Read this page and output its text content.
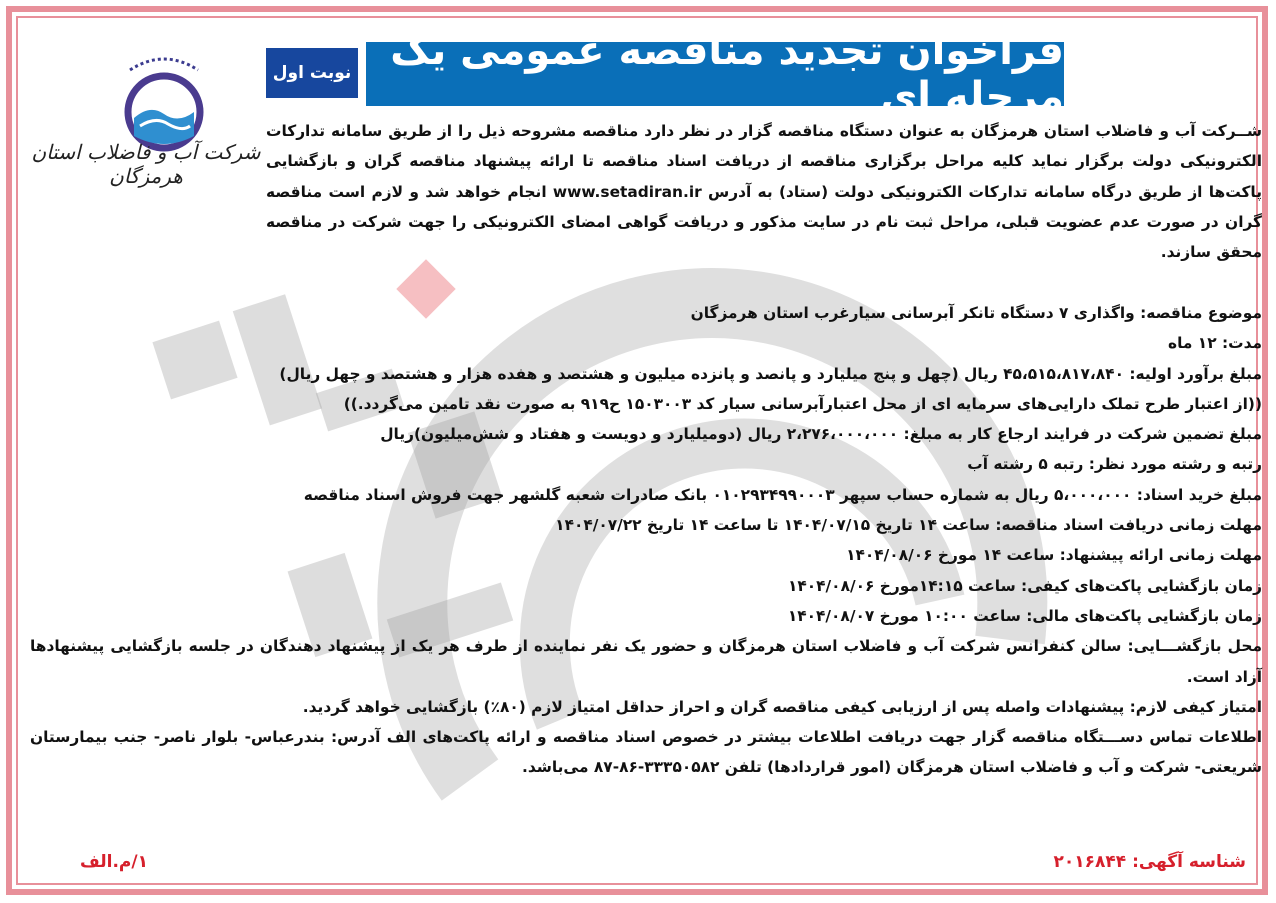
شرکت آب و فاضلاب استان هرمزگان
نوبت اول فراخوان تجدید مناقصه عمومی یک مرحله ای

شــرکت آب و فاضلاب استان هرمزگان به عنوان دستگاه مناقصه گزار در نظر دارد مناقصه مشروحه ذیل را از طریق سامانه تدارکات الکترونیکی دولت برگزار نماید کلیه مراحل برگزاری مناقصه از دریافت اسناد مناقصه تا ارائه پیشنهاد مناقصه گران و بازگشایی پاکت‌ها از طریق درگاه سامانه تدارکات الکترونیکی دولت (ستاد) به آدرس www.setadiran.ir انجام خواهد شد و لازم است مناقصه گران در صورت عدم عضویت قبلی، مراحل ثبت نام در سایت مذکور و دریافت گواهی امضای الکترونیکی را جهت شرکت در مناقصه محقق سازند.

موضوع مناقصه: واگذاری ۷ دستگاه تانکر آبرسانی سیارغرب استان هرمزگان

مدت: ۱۲ ماه

مبلغ برآورد اولیه: ۴۵،۵۱۵،۸۱۷،۸۴۰ ریال (چهل و پنج میلیارد و پانصد و پانزده میلیون و هشتصد و هفده هزار و هشتصد و چهل ریال)

((از اعتبار طرح تملک دارایی‌های سرمایه ای از محل اعتبارآبرسانی سیار کد ۱۵۰۳۰۰۳ ح۹۱۹ به صورت نقد تامین می‌گردد.))

مبلغ تضمین شرکت در فرایند ارجاع کار به مبلغ: ۲،۲۷۶،۰۰۰،۰۰۰ ریال (دومیلیارد و دویست و هفتاد و شش‌میلیون)ریال

رتبه و رشته مورد نظر: رتبه ۵ رشته آب

مبلغ خرید اسناد: ۵،۰۰۰،۰۰۰ ریال به شماره حساب سپهر ۰۱۰۲۹۳۴۹۹۰۰۰۳ بانک صادرات شعبه گلشهر جهت فروش اسناد مناقصه

مهلت زمانی دریافت اسناد مناقصه: ساعت ۱۴ تاریخ ۱۴۰۴/۰۷/۱۵ تا ساعت ۱۴ تاریخ ۱۴۰۴/۰۷/۲۲

مهلت زمانی ارائه پیشنهاد: ساعت ۱۴ مورخ ۱۴۰۴/۰۸/۰۶

زمان بازگشایی پاکت‌های کیفی: ساعت ۱۴:۱۵مورخ ۱۴۰۴/۰۸/۰۶

زمان بازگشایی پاکت‌های مالی: ساعت ۱۰:۰۰ مورخ ۱۴۰۴/۰۸/۰۷

محل بازگشـــایی: سالن کنفرانس شرکت آب و فاضلاب استان هرمزگان و حضور یک نفر نماینده از طرف هر یک از پیشنهاد دهندگان در جلسه بازگشایی پیشنهادها آزاد است.

امتیاز کیفی لازم: پیشنهادات واصله پس از ارزیابی کیفی مناقصه گران و احراز حداقل امتیاز لازم (۸۰٪) بازگشایی خواهد گردید.

اطلاعات تماس دســـتگاه مناقصه گزار جهت دریافت اطلاعات بیشتر در خصوص اسناد مناقصه و ارائه پاکت‌های الف آدرس: بندرعباس- بلوار ناصر- جنب بیمارستان شریعتی- شرکت و آب و فاضلاب استان هرمزگان (امور قراردادها) تلفن ۳۳۳۵۰۵۸۲-۸۶-۸۷ می‌باشد.

شناسه آگهی: ۲۰۱۶۸۴۴
۱/م.الف
